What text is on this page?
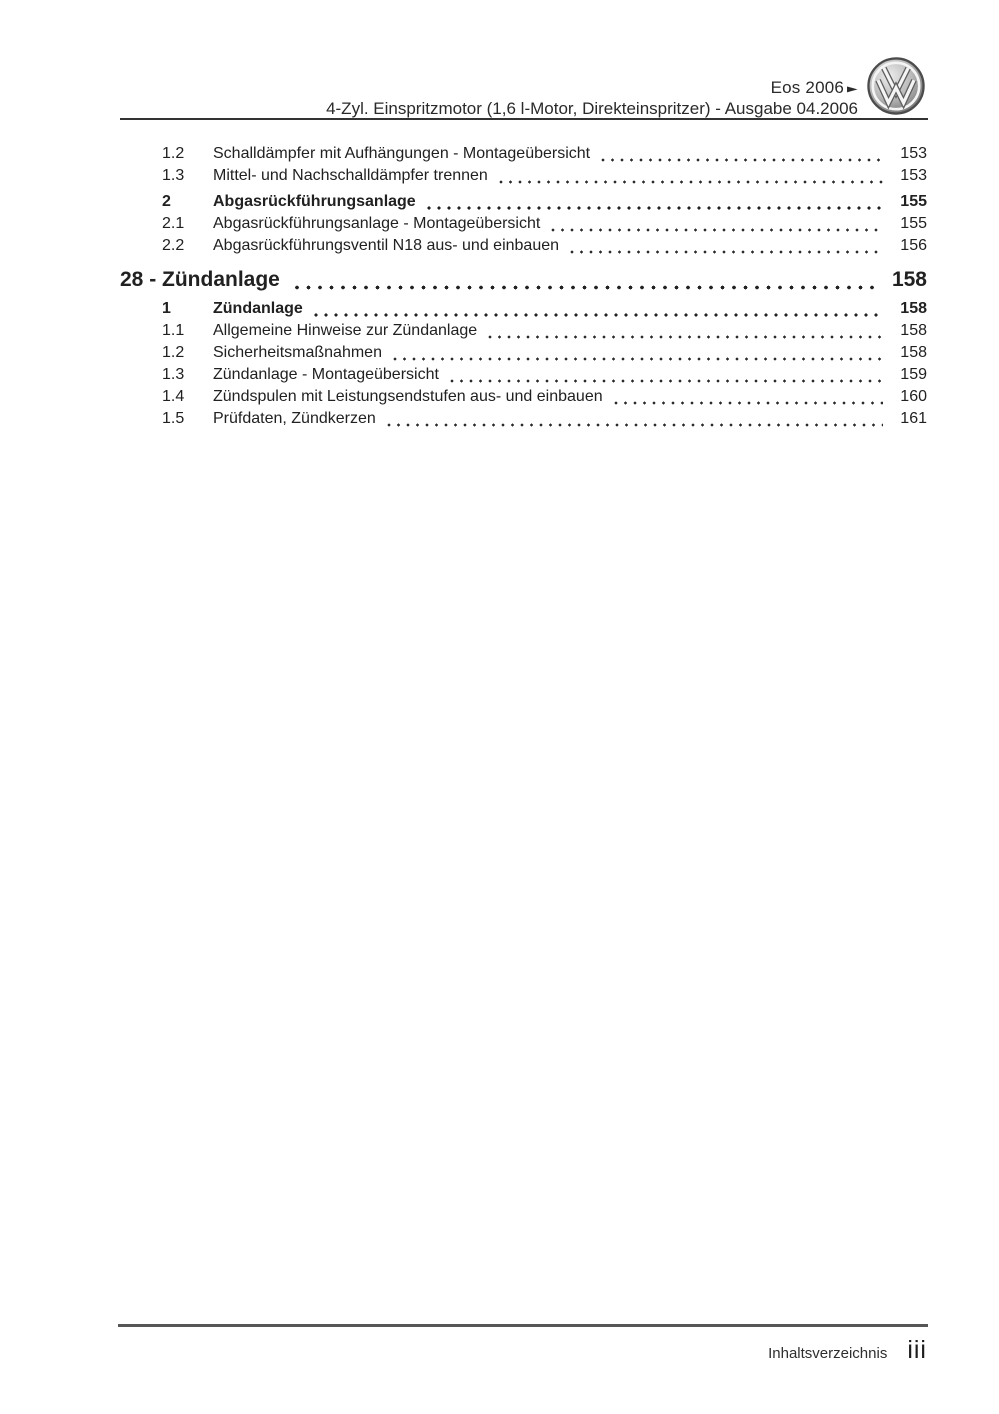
Eos 2006 ►
4-Zyl. Einspritzmotor (1,6 l-Motor, Direkteinspritzer) - Ausgabe 04.2006
1.2	Schalldämpfer mit Aufhängungen - Montageübersicht	153
1.3	Mittel- und Nachschalldämpfer trennen	153
2	Abgasrückführungsanlage	155
2.1	Abgasrückführungsanlage - Montageübersicht	155
2.2	Abgasrückführungsventil N18 aus- und einbauen	156
28 - Zündanlage	158
1	Zündanlage	158
1.1	Allgemeine Hinweise zur Zündanlage	158
1.2	Sicherheitsmaßnahmen	158
1.3	Zündanlage - Montageübersicht	159
1.4	Zündspulen mit Leistungsendstufen aus- und einbauen	160
1.5	Prüfdaten, Zündkerzen	161
Inhaltsverzeichnis iii
